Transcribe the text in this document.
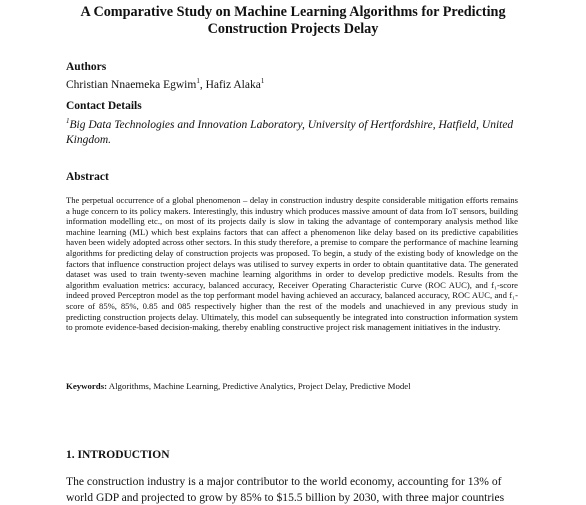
A Comparative Study on Machine Learning Algorithms for Predicting
Construction Projects Delay
Authors
Christian Nnaemeka Egwim$^1$, Hafiz Alaka$^1$
Contact Details
$^1$Big Data Technologies and Innovation Laboratory, University of Hertfordshire, Hatfield, United Kingdom.
Abstract
The perpetual occurrence of a global phenomenon – delay in construction industry despite considerable mitigation efforts remains a huge concern to its policy makers. Interestingly, this industry which produces massive amount of data from IoT sensors, building information modelling etc., on most of its projects daily is slow in taking the advantage of contemporary analysis method like machine learning (ML) which best explains factors that can affect a phenomenon like delay based on its predictive capabilities haven been widely adopted across other sectors. In this study therefore, a premise to compare the performance of machine learning algorithms for predicting delay of construction projects was proposed. To begin, a study of the existing body of knowledge on the factors that influence construction project delays was utilised to survey experts in order to obtain quantitative data. The generated dataset was used to train twenty-seven machine learning algorithms in order to develop predictive models. Results from the algorithm evaluation metrics: accuracy, balanced accuracy, Receiver Operating Characteristic Curve (ROC AUC), and f₁-score indeed proved Perceptron model as the top performant model having achieved an accuracy, balanced accuracy, ROC AUC, and f₁-score of 85%, 85%, 0.85 and 085 respectively higher than the rest of the models and unachieved in any previous study in predicting construction projects delay. Ultimately, this model can subsequently be integrated into construction information system to promote evidence-based decision-making, thereby enabling constructive project risk management initiatives in the industry.
Keywords: Algorithms, Machine Learning, Predictive Analytics, Project Delay, Predictive Model
1. INTRODUCTION
The construction industry is a major contributor to the world economy, accounting for 13% of world GDP and projected to grow by 85% to $15.5 billion by 2030, with three major countries
